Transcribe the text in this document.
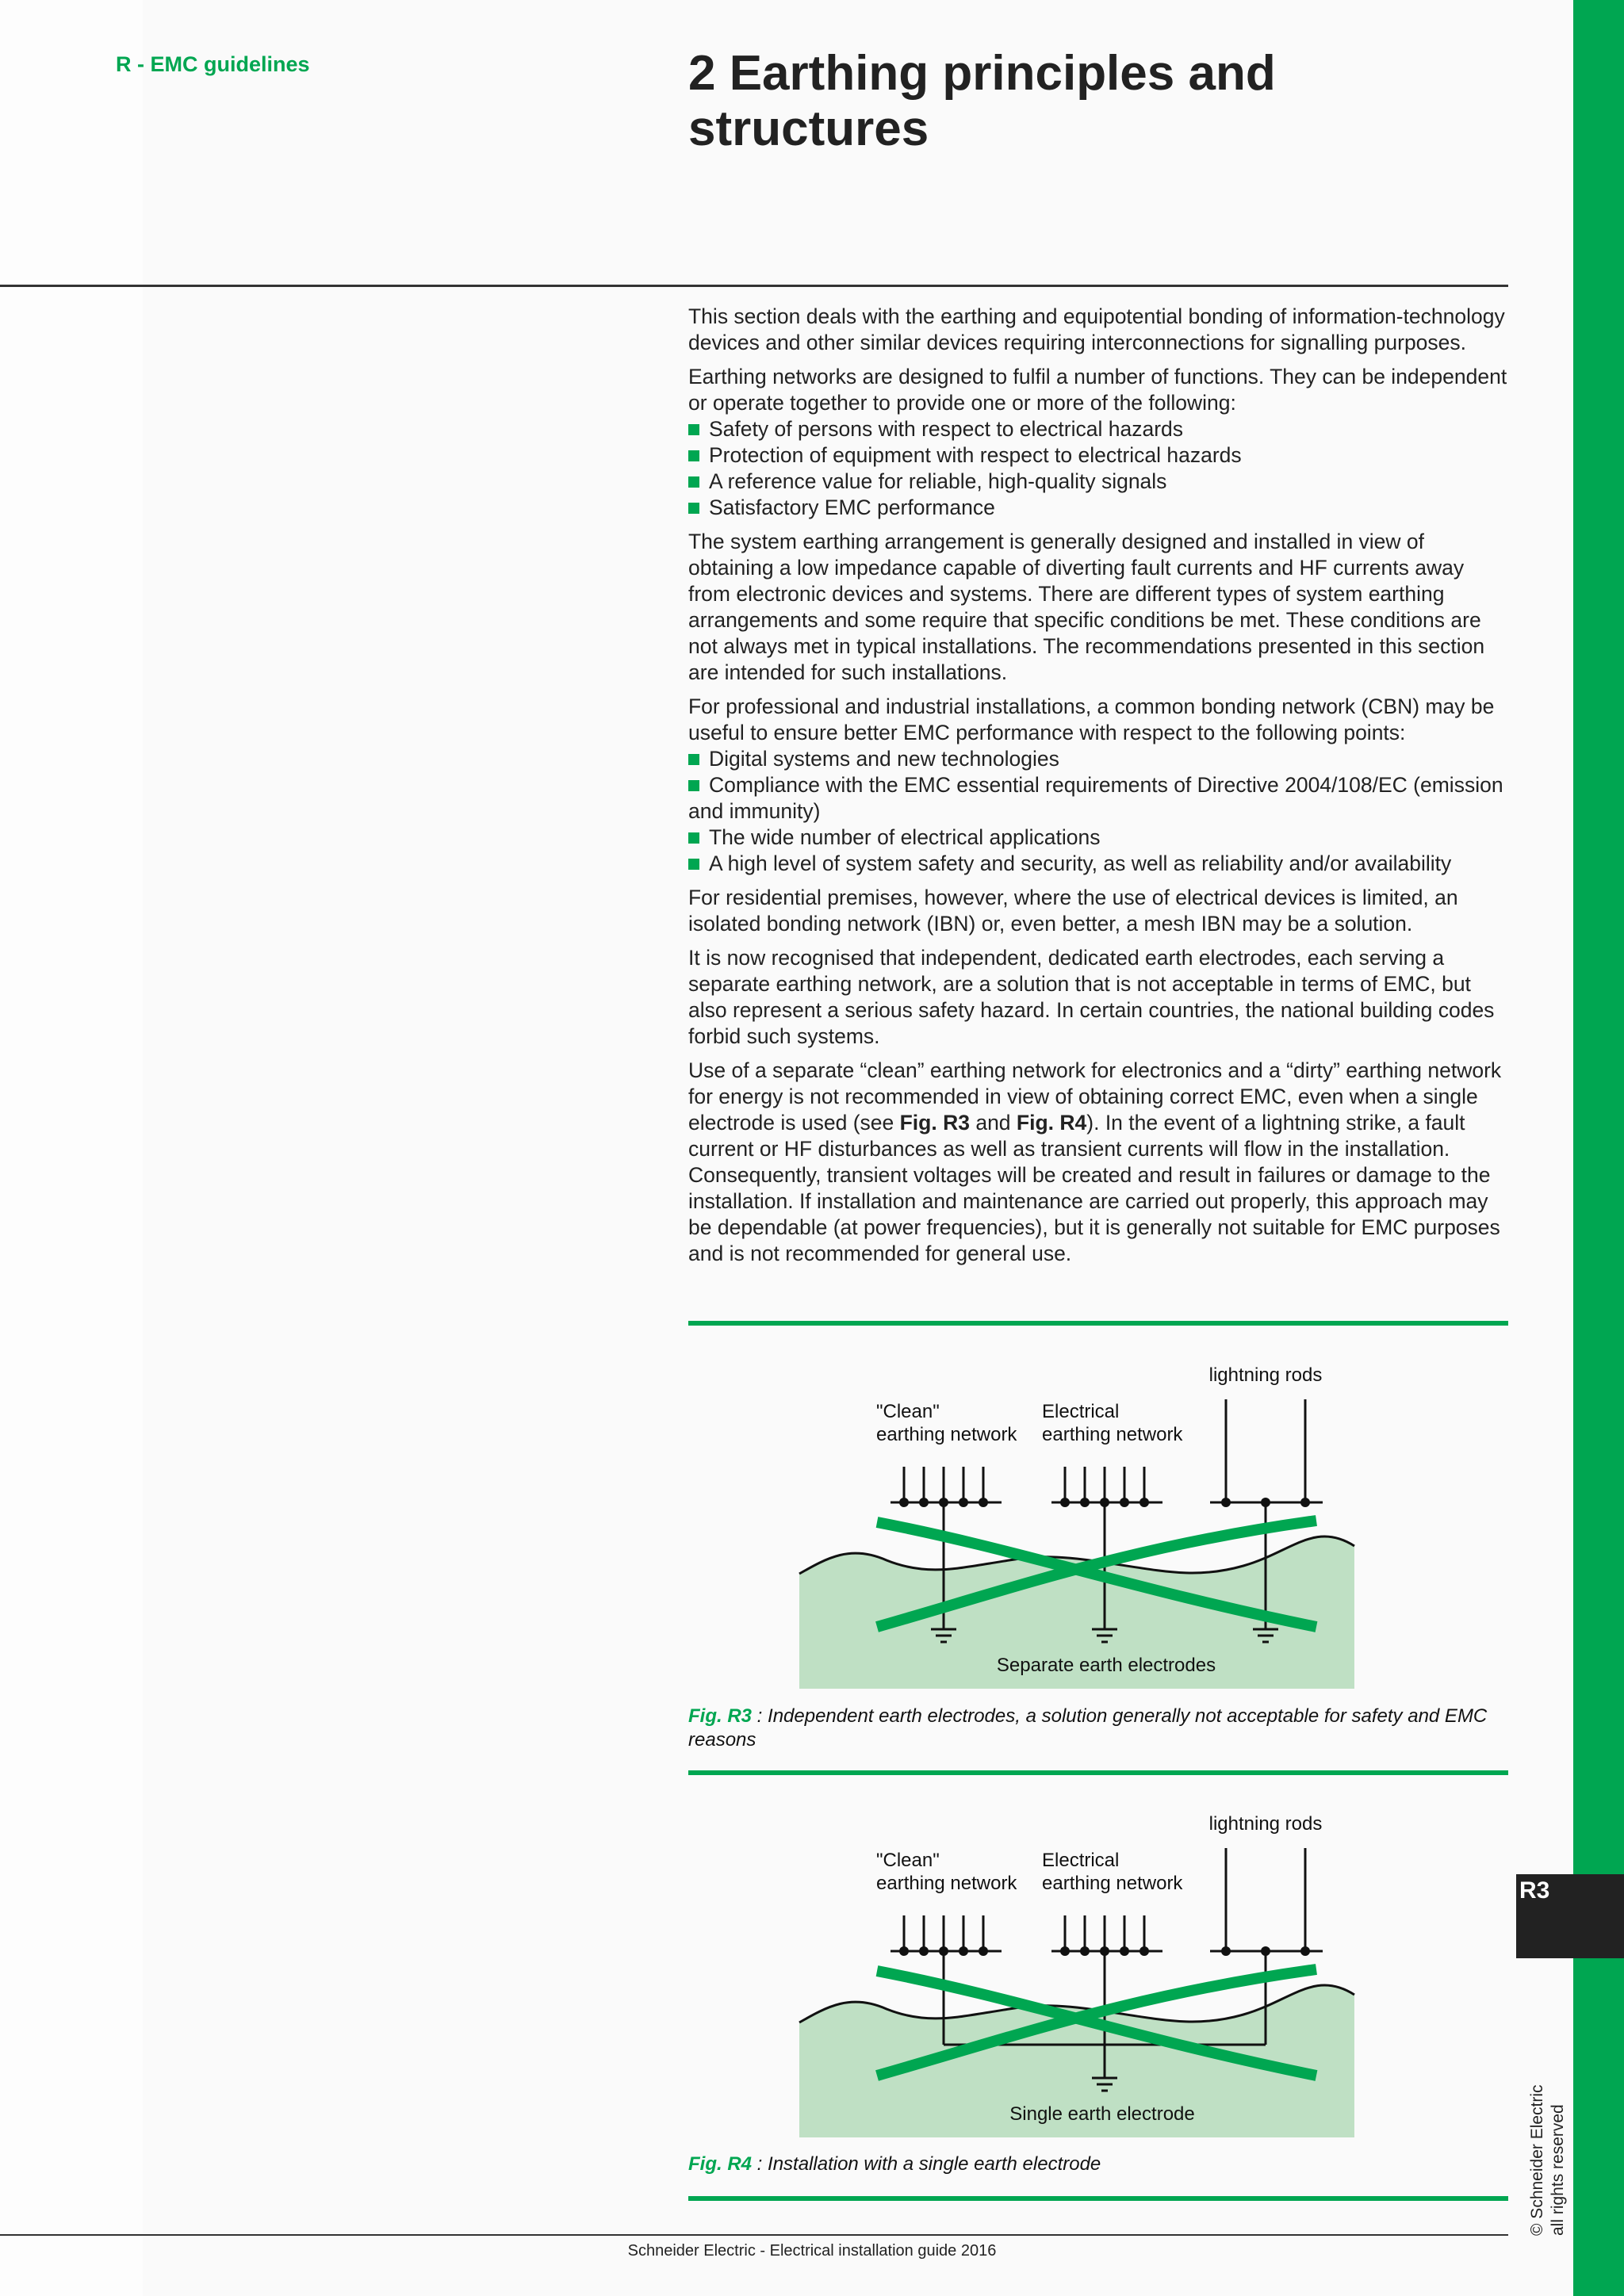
R - EMC guidelines	2 Earthing principles and structures

This section deals with the earthing and equipotential bonding of information-technology devices and other similar devices requiring interconnections for signalling purposes.

Earthing networks are designed to fulfil a number of functions. They can be independent or operate together to provide one or more of the following:

Safety of persons with respect to electrical hazards
Protection of equipment with respect to electrical hazards
A reference value for reliable, high-quality signals
Satisfactory EMC performance

The system earthing arrangement is generally designed and installed in view of obtaining a low impedance capable of diverting fault currents and HF currents away from electronic devices and systems. There are different types of system earthing arrangements and some require that specific conditions be met. These conditions are not always met in typical installations. The recommendations presented in this section are intended for such installations.

For professional and industrial installations, a common bonding network (CBN) may be useful to ensure better EMC performance with respect to the following points:

Digital systems and new technologies
Compliance with the EMC essential requirements of Directive 2004/108/EC (emission and immunity)
The wide number of electrical applications
A high level of system safety and security, as well as reliability and/or availability

For residential premises, however, where the use of electrical devices is limited, an isolated bonding network (IBN) or, even better, a mesh IBN may be a solution.

It is now recognised that independent, dedicated earth electrodes, each serving a separate earthing network, are a solution that is not acceptable in terms of EMC, but also represent a serious safety hazard. In certain countries, the national building codes forbid such systems.

Use of a separate “clean” earthing network for electronics and a “dirty” earthing network for energy is not recommended in view of obtaining correct EMC, even when a single electrode is used (see Fig. R3 and Fig. R4). In the event of a lightning strike, a fault current or HF disturbances as well as transient currents will flow in the installation. Consequently, transient voltages will be created and result in failures or damage to the installation. If installation and maintenance are carried out properly, this approach may be dependable (at power frequencies), but it is generally not suitable for EMC purposes and is not recommended for general use.

lightning rods
"Clean"
earthing network
Electrical
earthing network
Separate earth electrodes
Fig. R3 : Independent earth electrodes, a solution generally not acceptable for safety and EMC reasons
lightning rods
"Clean"
earthing network
Electrical
earthing network
Single earth electrode
Fig. R4 : Installation with a single earth electrode
R3
© Schneider Electric all rights reserved
Schneider Electric - Electrical installation guide 2016
